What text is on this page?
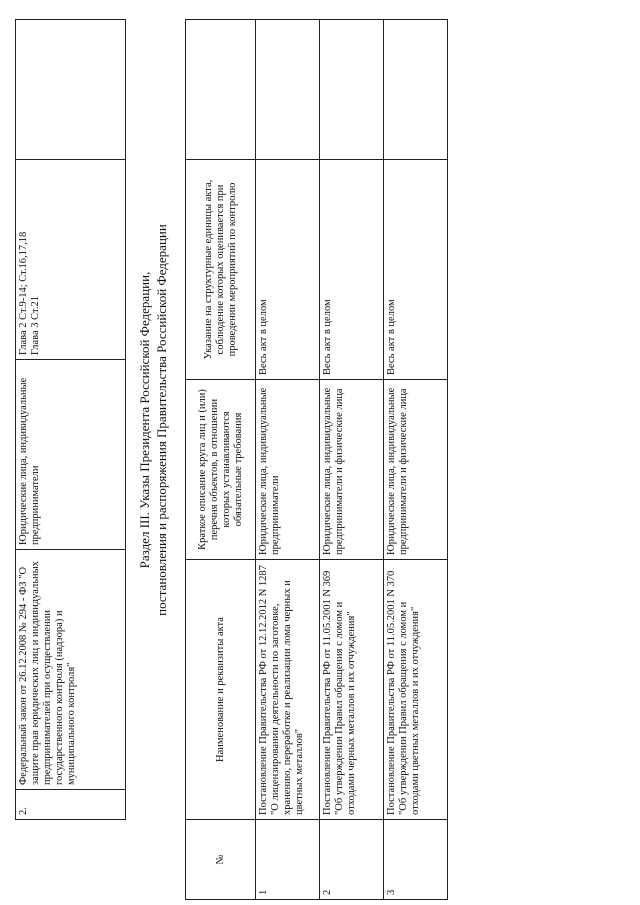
2.	Федеральный закон от 26.12.2008 № 294 - ФЗ "О защите прав юридических лиц и индивидуальных предпринимателей при осуществлении государственного контроля (надзора) и муниципального контроля"	Юридические лица, индивидуальные предприниматели	Глава 2 Ст.9-14; Ст.16,17,18
Глава 3 Ст.21		Раздел III. Указы Президента Российской Федерации, постановления и распоряжения Правительства Российской Федерации
№	Наименование и реквизиты акта	Краткое описание круга лиц и (или) перечня объектов, в отношении которых устанавливаются обязательные требования	Указание на структурные единицы акта, соблюдение которых оценивается при проведении мероприятий по контролю	
1	Постановление Правительства РФ от 12.12.2012 N 1287 "О лицензировании деятельности по заготовке, хранению, переработке и реализации лома черных и цветных металлов"	Юридические лица, индивидуальные предприниматели	Весь акт в целом	
2	Постановление Правительства РФ от 11.05.2001 N 369 "Об утверждении Правил обращения с ломом и отходами черных металлов и их отчуждения"	Юридические лица, индивидуальные предприниматели и физические лица	Весь акт в целом	
3	Постановление Правительства РФ от 11.05.2001 N 370 "Об утверждении Правил обращения с ломом и отходами цветных металлов и их отчуждения"	Юридические лица, индивидуальные предприниматели и физические лица	Весь акт в целом	
